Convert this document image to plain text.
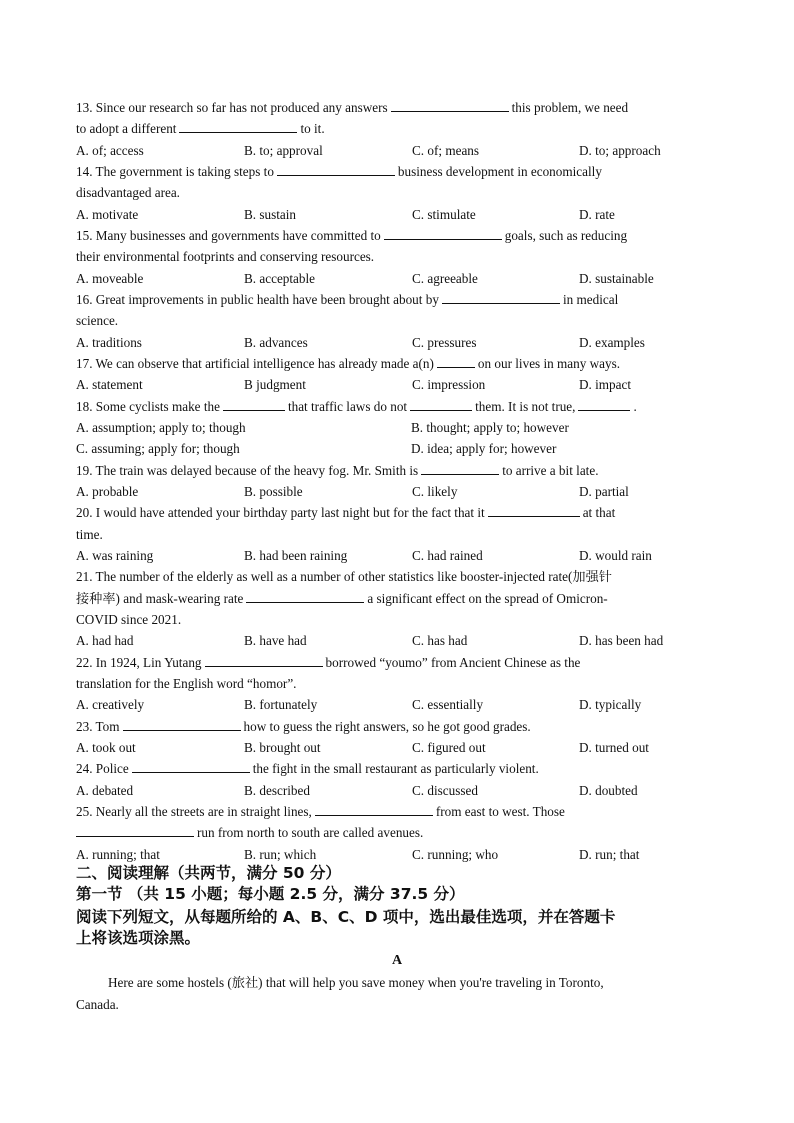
13. Since our research so far has not produced any answers	this problem, we need
to adopt a different	to it.
A. of; access	B. to; approval	C. of; means	D. to; approach
14. The government is taking steps to	business development in economically
disadvantaged area.
A. motivate	B. sustain	C. stimulate	D. rate
15. Many businesses and governments have committed to	goals, such as reducing
their environmental footprints and conserving resources.
A. moveable	B. acceptable	C. agreeable	D. sustainable
16. Great improvements in public health have been brought about by	in medical
science.
A. traditions	B. advances	C. pressures	D. examples
17. We can observe that artificial intelligence has already made a(n)	on our lives in many ways.
A. statement	B judgment	C. impression	D. impact
18. Some cyclists make the	that traffic laws do not	them. It is not true,	.
A. assumption; apply to; though	B. thought; apply to; however
C. assuming; apply for; though	D. idea; apply for; however
19. The train was delayed because of the heavy fog. Mr. Smith is	to arrive a bit late.
A. probable	B. possible	C. likely	D. partial
20. I would have attended your birthday party last night but for the fact that it	at that
time.
A. was raining	B. had been raining	C. had rained	D. would rain
21. The number of the elderly as well as a number of other statistics like booster-injected rate(加强针
接种率) and mask-wearing rate	a significant effect on the spread of Omicron-
COVID since 2021.
A. had had	B. have had	C. has had	D. has been had
22. In 1924, Lin Yutang	borrowed “youmo” from Ancient Chinese as the
translation for the English word “homor”.
A. creatively	B. fortunately	C. essentially	D. typically
23. Tom	how to guess the right answers, so he got good grades.
A. took out	B. brought out	C. figured out	D. turned out
24. Police	the fight in the small restaurant as particularly violent.
A. debated	B. described	C. discussed	D. doubted
25. Nearly all the streets are in straight lines,	from east to west. Those
run from north to south are called avenues.
A. running; that	B. run; which	C. running; who	D. run; that
二、阅读理解（共两节，满分 50 分）
第一节 （共 15 小题；每小题 2.5 分，满分 37.5 分）
阅读下列短文，从每题所给的 A、B、C、D 项中，选出最佳选项，并在答题卡
上将该选项涂黑。
A
Here are some hostels (旅社) that will help you save money when you're traveling in Toronto,
Canada.
